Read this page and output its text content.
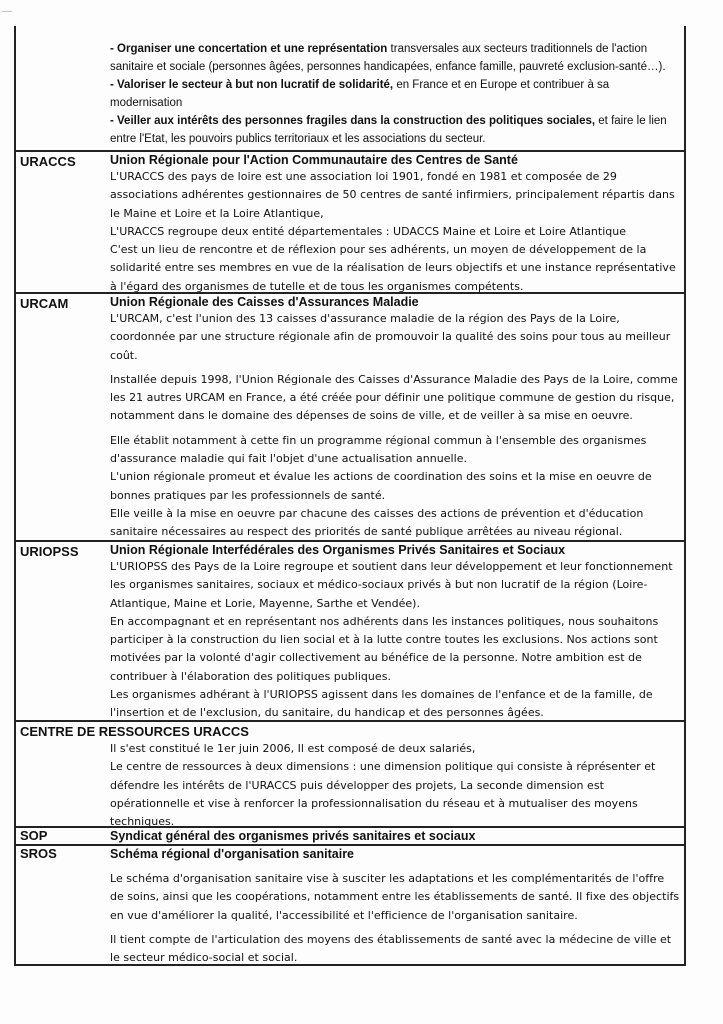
―

- Organiser une concertation et une représentation transversales aux secteurs traditionnels de l'action sanitaire et sociale (personnes âgées, personnes handicapées, enfance famille, pauvreté exclusion-santé…).

- Valoriser le secteur à but non lucratif de solidarité, en France et en Europe et contribuer à sa modernisation

- Veiller aux intérêts des personnes fragiles dans la construction des politiques sociales, et faire le lien entre l'Etat, les pouvoirs publics territoriaux et les associations du secteur.

URACCS	Union Régionale pour l'Action Communautaire des Centres de Santé

L'URACCS des pays de loire est une association loi 1901, fondé en 1981 et composée de 29 associations adhérentes gestionnaires de 50 centres de santé infirmiers, principalement répartis dans le Maine et Loire et la Loire Atlantique,

L'URACCS regroupe deux entité départementales : UDACCS Maine et Loire et Loire Atlantique

C'est un lieu de rencontre et de réflexion pour ses adhérents, un moyen de développement de la solidarité entre ses membres en vue de la réalisation de leurs objectifs et une instance représentative à l'égard des organismes de tutelle et de tous les organismes compétents.

URCAM	Union Régionale des Caisses d'Assurances Maladie

L'URCAM, c'est l'union des 13 caisses d'assurance maladie de la région des Pays de la Loire, coordonnée par une structure régionale afin de promouvoir la qualité des soins pour tous au meilleur coût.

Installée depuis 1998, l'Union Régionale des Caisses d'Assurance Maladie des Pays de la Loire, comme les 21 autres URCAM en France, a été créée pour définir une politique commune de gestion du risque, notamment dans le domaine des dépenses de soins de ville, et de veiller à sa mise en oeuvre.

Elle établit notamment à cette fin un programme régional commun à l'ensemble des organismes d'assurance maladie qui fait l'objet d'une actualisation annuelle.

L'union régionale promeut et évalue les actions de coordination des soins et la mise en oeuvre de bonnes pratiques par les professionnels de santé.

Elle veille à la mise en oeuvre par chacune des caisses des actions de prévention et d'éducation sanitaire nécessaires au respect des priorités de santé publique arrêtées au niveau régional.

URIOPSS	Union Régionale Interfédérales des Organismes Privés Sanitaires et Sociaux

L'URIOPSS des Pays de la Loire regroupe et soutient dans leur développement et leur fonctionnement les organismes sanitaires, sociaux et médico-sociaux privés à but non lucratif de la région (Loire-Atlantique, Maine et Lorie, Mayenne, Sarthe et Vendée).

En accompagnant et en représentant nos adhérents dans les instances politiques, nous souhaitons participer à la construction du lien social et à la lutte contre toutes les exclusions. Nos actions sont motivées par la volonté d'agir collectivement au bénéfice de la personne. Notre ambition est de contribuer à l'élaboration des politiques publiques.

Les organismes adhérant à l'URIOPSS agissent dans les domaines de l'enfance et de la famille, de l'insertion et de l'exclusion, du sanitaire, du handicap et des personnes âgées.

CENTRE DE RESSOURCES URACCS

Il s'est constitué le 1er juin 2006, Il est composé de deux salariés,

Le centre de ressources à deux dimensions : une dimension politique qui consiste à réprésenter et défendre les intérêts de l'URACCS puis développer des projets, La seconde dimension est opérationnelle et vise à renforcer la professionnalisation du réseau et à mutualiser des moyens techniques.

SOP	Syndicat général des organismes privés sanitaires et sociaux
SROS	Schéma régional d'organisation sanitaire

Le schéma d'organisation sanitaire vise à susciter les adaptations et les complémentarités de l'offre de soins, ainsi que les coopérations, notamment entre les établissements de santé. Il fixe des objectifs en vue d'améliorer la qualité, l'accessibilité et l'efficience de l'organisation sanitaire.

Il tient compte de l'articulation des moyens des établissements de santé avec la médecine de ville et le secteur médico-social et social.
